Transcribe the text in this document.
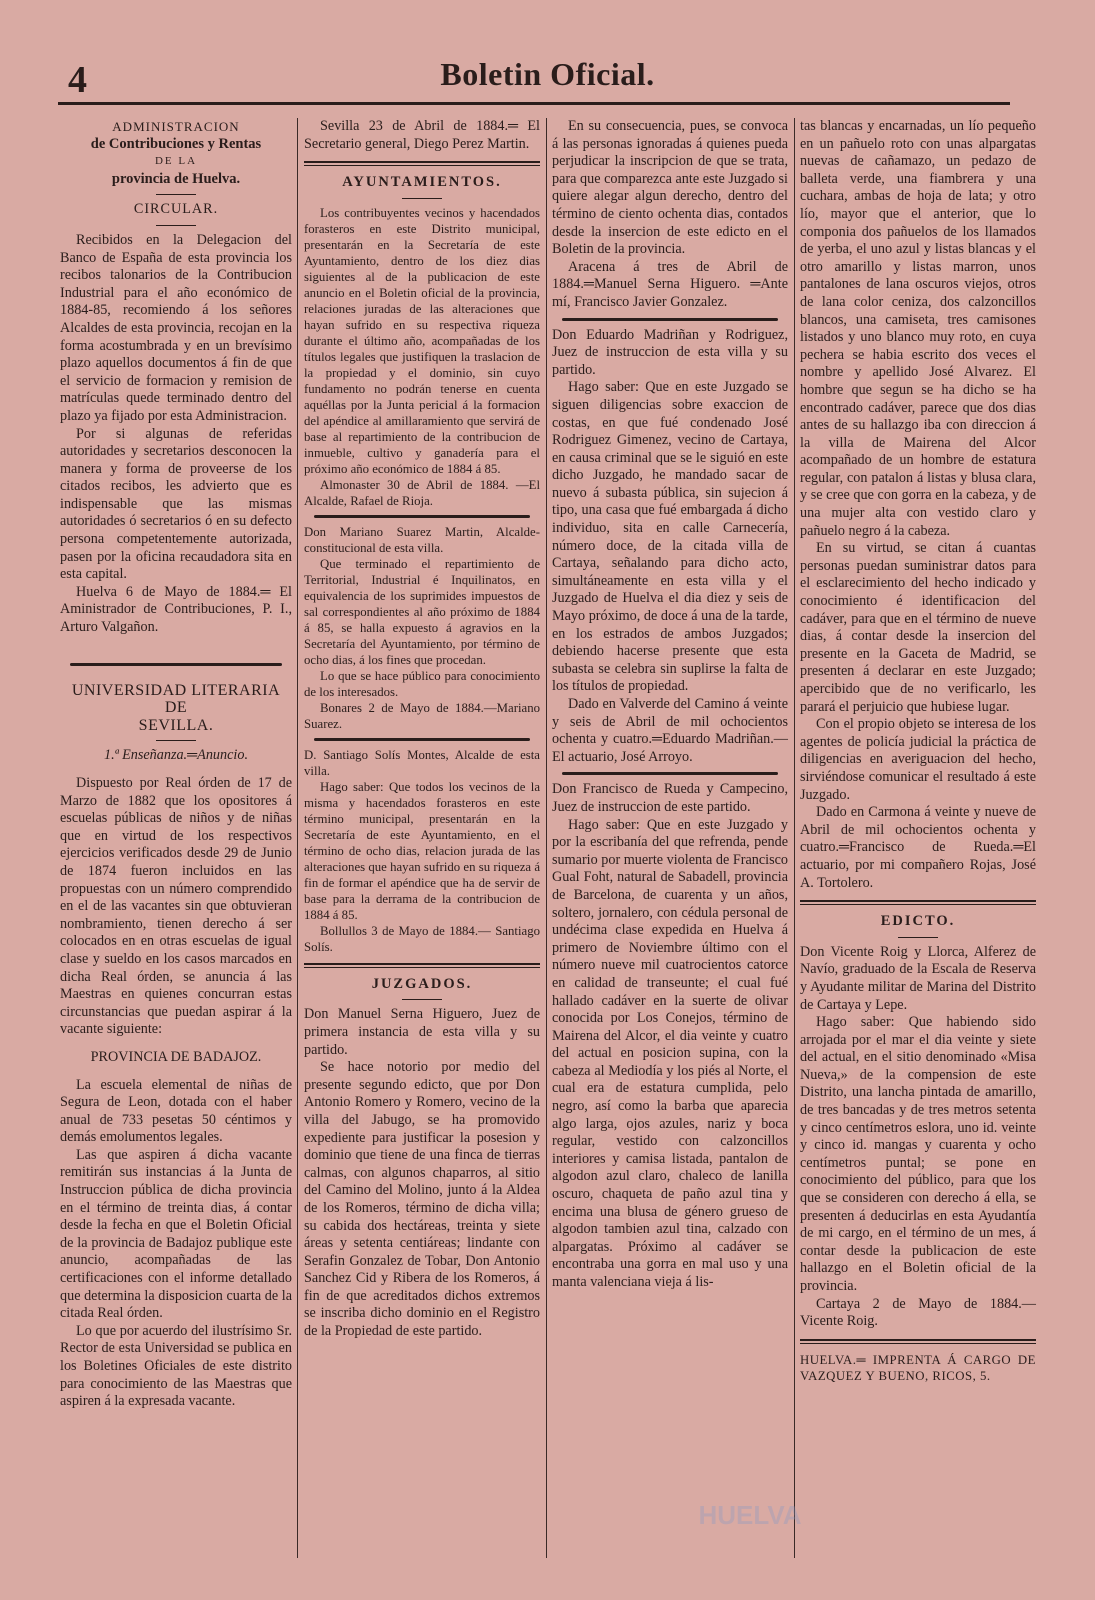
4	Boletin Oficial.
ADMINISTRACION
de Contribuciones y Rentas
DE LA
provincia de Huelva.
CIRCULAR.

Recibidos en la Delegacion del Banco de España de esta provincia los recibos talonarios de la Contribucion Industrial para el año económico de 1884-85, recomiendo á los señores Alcaldes de esta provincia, recojan en la forma acostumbrada y en un brevísimo plazo aquellos documentos á fin de que el servicio de formacion y remision de matrículas quede terminado dentro del plazo ya fijado por esta Administracion.

Por si algunas de referidas autoridades y secretarios desconocen la manera y forma de proveerse de los citados recibos, les advierto que es indispensable que las mismas autoridades ó secretarios ó en su defecto persona competentemente autorizada, pasen por la oficina recaudadora sita en esta capital.

Huelva 6 de Mayo de 1884.═ El Aministrador de Contribuciones, P. I., Arturo Valgañon.

UNIVERSIDAD LITERARIA DE
SEVILLA.
1.ª Enseñanza.═Anuncio.

Dispuesto por Real órden de 17 de Marzo de 1882 que los opositores á escuelas públicas de niños y de niñas que en virtud de los respectivos ejercicios verificados desde 29 de Junio de 1874 fueron incluidos en las propuestas con un número comprendido en el de las vacantes sin que obtuvieran nombramiento, tienen derecho á ser colocados en en otras escuelas de igual clase y sueldo en los casos marcados en dicha Real órden, se anuncia á las Maestras en quienes concurran estas circunstancias que puedan aspirar á la vacante siguiente:

PROVINCIA DE BADAJOZ.

La escuela elemental de niñas de Segura de Leon, dotada con el haber anual de 733 pesetas 50 céntimos y demás emolumentos legales.

Las que aspiren á dicha vacante remitirán sus instancias á la Junta de Instruccion pública de dicha provincia en el término de treinta dias, á contar desde la fecha en que el Boletin Oficial de la provincia de Badajoz publique este anuncio, acompañadas de las certificaciones con el informe detallado que determina la disposicion cuarta de la citada Real órden.

Lo que por acuerdo del ilustrísimo Sr. Rector de esta Universidad se publica en los Boletines Oficiales de este distrito para conocimiento de las Maestras que aspiren á la expresada vacante.

Sevilla 23 de Abril de 1884.═ El Secretario general, Diego Perez Martin.

AYUNTAMIENTOS.

Los contribuyentes vecinos y hacendados forasteros en este Distrito municipal, presentarán en la Secretaría de este Ayuntamiento, dentro de los diez dias siguientes al de la publicacion de este anuncio en el Boletin oficial de la provincia, relaciones juradas de las alteraciones que hayan sufrido en su respectiva riqueza durante el último año, acompañadas de los títulos legales que justifiquen la traslacion de la propiedad y el dominio, sin cuyo fundamento no podrán tenerse en cuenta aquéllas por la Junta pericial á la formacion del apéndice al amillaramiento que servirá de base al repartimiento de la contribucion de inmueble, cultivo y ganadería para el próximo año económico de 1884 á 85.

Almonaster 30 de Abril de 1884. —El Alcalde, Rafael de Rioja.

Don Mariano Suarez Martin, Alcalde-constitucional de esta villa.

Que terminado el repartimiento de Territorial, Industrial é Inquilinatos, en equivalencia de los suprimides impuestos de sal correspondientes al año próximo de 1884 á 85, se halla expuesto á agravios en la Secretaría del Ayuntamiento, por término de ocho dias, á los fines que procedan.

Lo que se hace público para conocimiento de los interesados.

Bonares 2 de Mayo de 1884.—Mariano Suarez.

D. Santiago Solís Montes, Alcalde de esta villa.

Hago saber: Que todos los vecinos de la misma y hacendados forasteros en este término municipal, presentarán en la Secretaría de este Ayuntamiento, en el término de ocho dias, relacion jurada de las alteraciones que hayan sufrido en su riqueza á fin de formar el apéndice que ha de servir de base para la derrama de la contribucion de 1884 á 85.

Bollullos 3 de Mayo de 1884.— Santiago Solís.

JUZGADOS.

Don Manuel Serna Higuero, Juez de primera instancia de esta villa y su partido.

Se hace notorio por medio del presente segundo edicto, que por Don Antonio Romero y Romero, vecino de la villa del Jabugo, se ha promovido expediente para justificar la posesion y dominio que tiene de una finca de tierras calmas, con algunos chaparros, al sitio del Camino del Molino, junto á la Aldea de los Romeros, término de dicha villa; su cabida dos hectáreas, treinta y siete áreas y setenta centiáreas; lindante con Serafin Gonzalez de Tobar, Don Antonio Sanchez Cid y Ribera de los Romeros, á fin de que acreditados dichos extremos se inscriba dicho dominio en el Registro de la Propiedad de este partido.

En su consecuencia, pues, se convoca á las personas ignoradas á quienes pueda perjudicar la inscripcion de que se trata, para que comparezca ante este Juzgado si quiere alegar algun derecho, dentro del término de ciento ochenta dias, contados desde la insercion de este edicto en el Boletin de la provincia.

Aracena á tres de Abril de 1884.═Manuel Serna Higuero. ═Ante mí, Francisco Javier Gonzalez.

Don Eduardo Madriñan y Rodriguez, Juez de instruccion de esta villa y su partido.

Hago saber: Que en este Juzgado se siguen diligencias sobre exaccion de costas, en que fué condenado José Rodriguez Gimenez, vecino de Cartaya, en causa criminal que se le siguió en este dicho Juzgado, he mandado sacar de nuevo á subasta pública, sin sujecion á tipo, una casa que fué embargada á dicho individuo, sita en calle Carnecería, número doce, de la citada villa de Cartaya, señalando para dicho acto, simultáneamente en esta villa y el Juzgado de Huelva el dia diez y seis de Mayo próximo, de doce á una de la tarde, en los estrados de ambos Juzgados; debiendo hacerse presente que esta subasta se celebra sin suplirse la falta de los títulos de propiedad.

Dado en Valverde del Camino á veinte y seis de Abril de mil ochocientos ochenta y cuatro.═Eduardo Madriñan.—El actuario, José Arroyo.

Don Francisco de Rueda y Campecino, Juez de instruccion de este partido.

Hago saber: Que en este Juzgado y por la escribanía del que refrenda, pende sumario por muerte violenta de Francisco Gual Foht, natural de Sabadell, provincia de Barcelona, de cuarenta y un años, soltero, jornalero, con cédula personal de undécima clase expedida en Huelva á primero de Noviembre último con el número nueve mil cuatrocientos catorce en calidad de transeunte; el cual fué hallado cadáver en la suerte de olivar conocida por Los Conejos, término de Mairena del Alcor, el dia veinte y cuatro del actual en posicion supina, con la cabeza al Mediodía y los piés al Norte, el cual era de estatura cumplida, pelo negro, así como la barba que aparecia algo larga, ojos azules, nariz y boca regular, vestido con calzoncillos interiores y camisa listada, pantalon de algodon azul claro, chaleco de lanilla oscuro, chaqueta de paño azul tina y encima una blusa de género grueso de algodon tambien azul tina, calzado con alpargatas. Próximo al cadáver se encontraba una gorra en mal uso y una manta valenciana vieja á lis-

tas blancas y encarnadas, un lío pequeño en un pañuelo roto con unas alpargatas nuevas de cañamazo, un pedazo de balleta verde, una fiambrera y una cuchara, ambas de hoja de lata; y otro lío, mayor que el anterior, que lo componia dos pañuelos de los llamados de yerba, el uno azul y listas blancas y el otro amarillo y listas marron, unos pantalones de lana oscuros viejos, otros de lana color ceniza, dos calzoncillos blancos, una camiseta, tres camisones listados y uno blanco muy roto, en cuya pechera se habia escrito dos veces el nombre y apellido José Alvarez. El hombre que segun se ha dicho se ha encontrado cadáver, parece que dos dias antes de su hallazgo iba con direccion á la villa de Mairena del Alcor acompañado de un hombre de estatura regular, con patalon á listas y blusa clara, y se cree que con gorra en la cabeza, y de una mujer alta con vestido claro y pañuelo negro á la cabeza.

En su virtud, se citan á cuantas personas puedan suministrar datos para el esclarecimiento del hecho indicado y conocimiento é identificacion del cadáver, para que en el término de nueve dias, á contar desde la insercion del presente en la Gaceta de Madrid, se presenten á declarar en este Juzgado; apercibido que de no verificarlo, les parará el perjuicio que hubiese lugar.

Con el propio objeto se interesa de los agentes de policía judicial la práctica de diligencias en averiguacion del hecho, sirviéndose comunicar el resultado á este Juzgado.

Dado en Carmona á veinte y nueve de Abril de mil ochocientos ochenta y cuatro.═Francisco de Rueda.═El actuario, por mi compañero Rojas, José A. Tortolero.

EDICTO.

Don Vicente Roig y Llorca, Alferez de Navío, graduado de la Escala de Reserva y Ayudante militar de Marina del Distrito de Cartaya y Lepe.

Hago saber: Que habiendo sido arrojada por el mar el dia veinte y siete del actual, en el sitio denominado «Misa Nueva,» de la compension de este Distrito, una lancha pintada de amarillo, de tres bancadas y de tres metros setenta y cinco centímetros eslora, uno id. veinte y cinco id. mangas y cuarenta y ocho centímetros puntal; se pone en conocimiento del público, para que los que se consideren con derecho á ella, se presenten á deducirlas en esta Ayudantía de mi cargo, en el término de un mes, á contar desde la publicacion de este hallazgo en el Boletin oficial de la provincia.

Cartaya 2 de Mayo de 1884.— Vicente Roig.

HUELVA.═ IMPRENTA Á CARGO DE VAZQUEZ Y BUENO, RICOS, 5.

HUELVA
